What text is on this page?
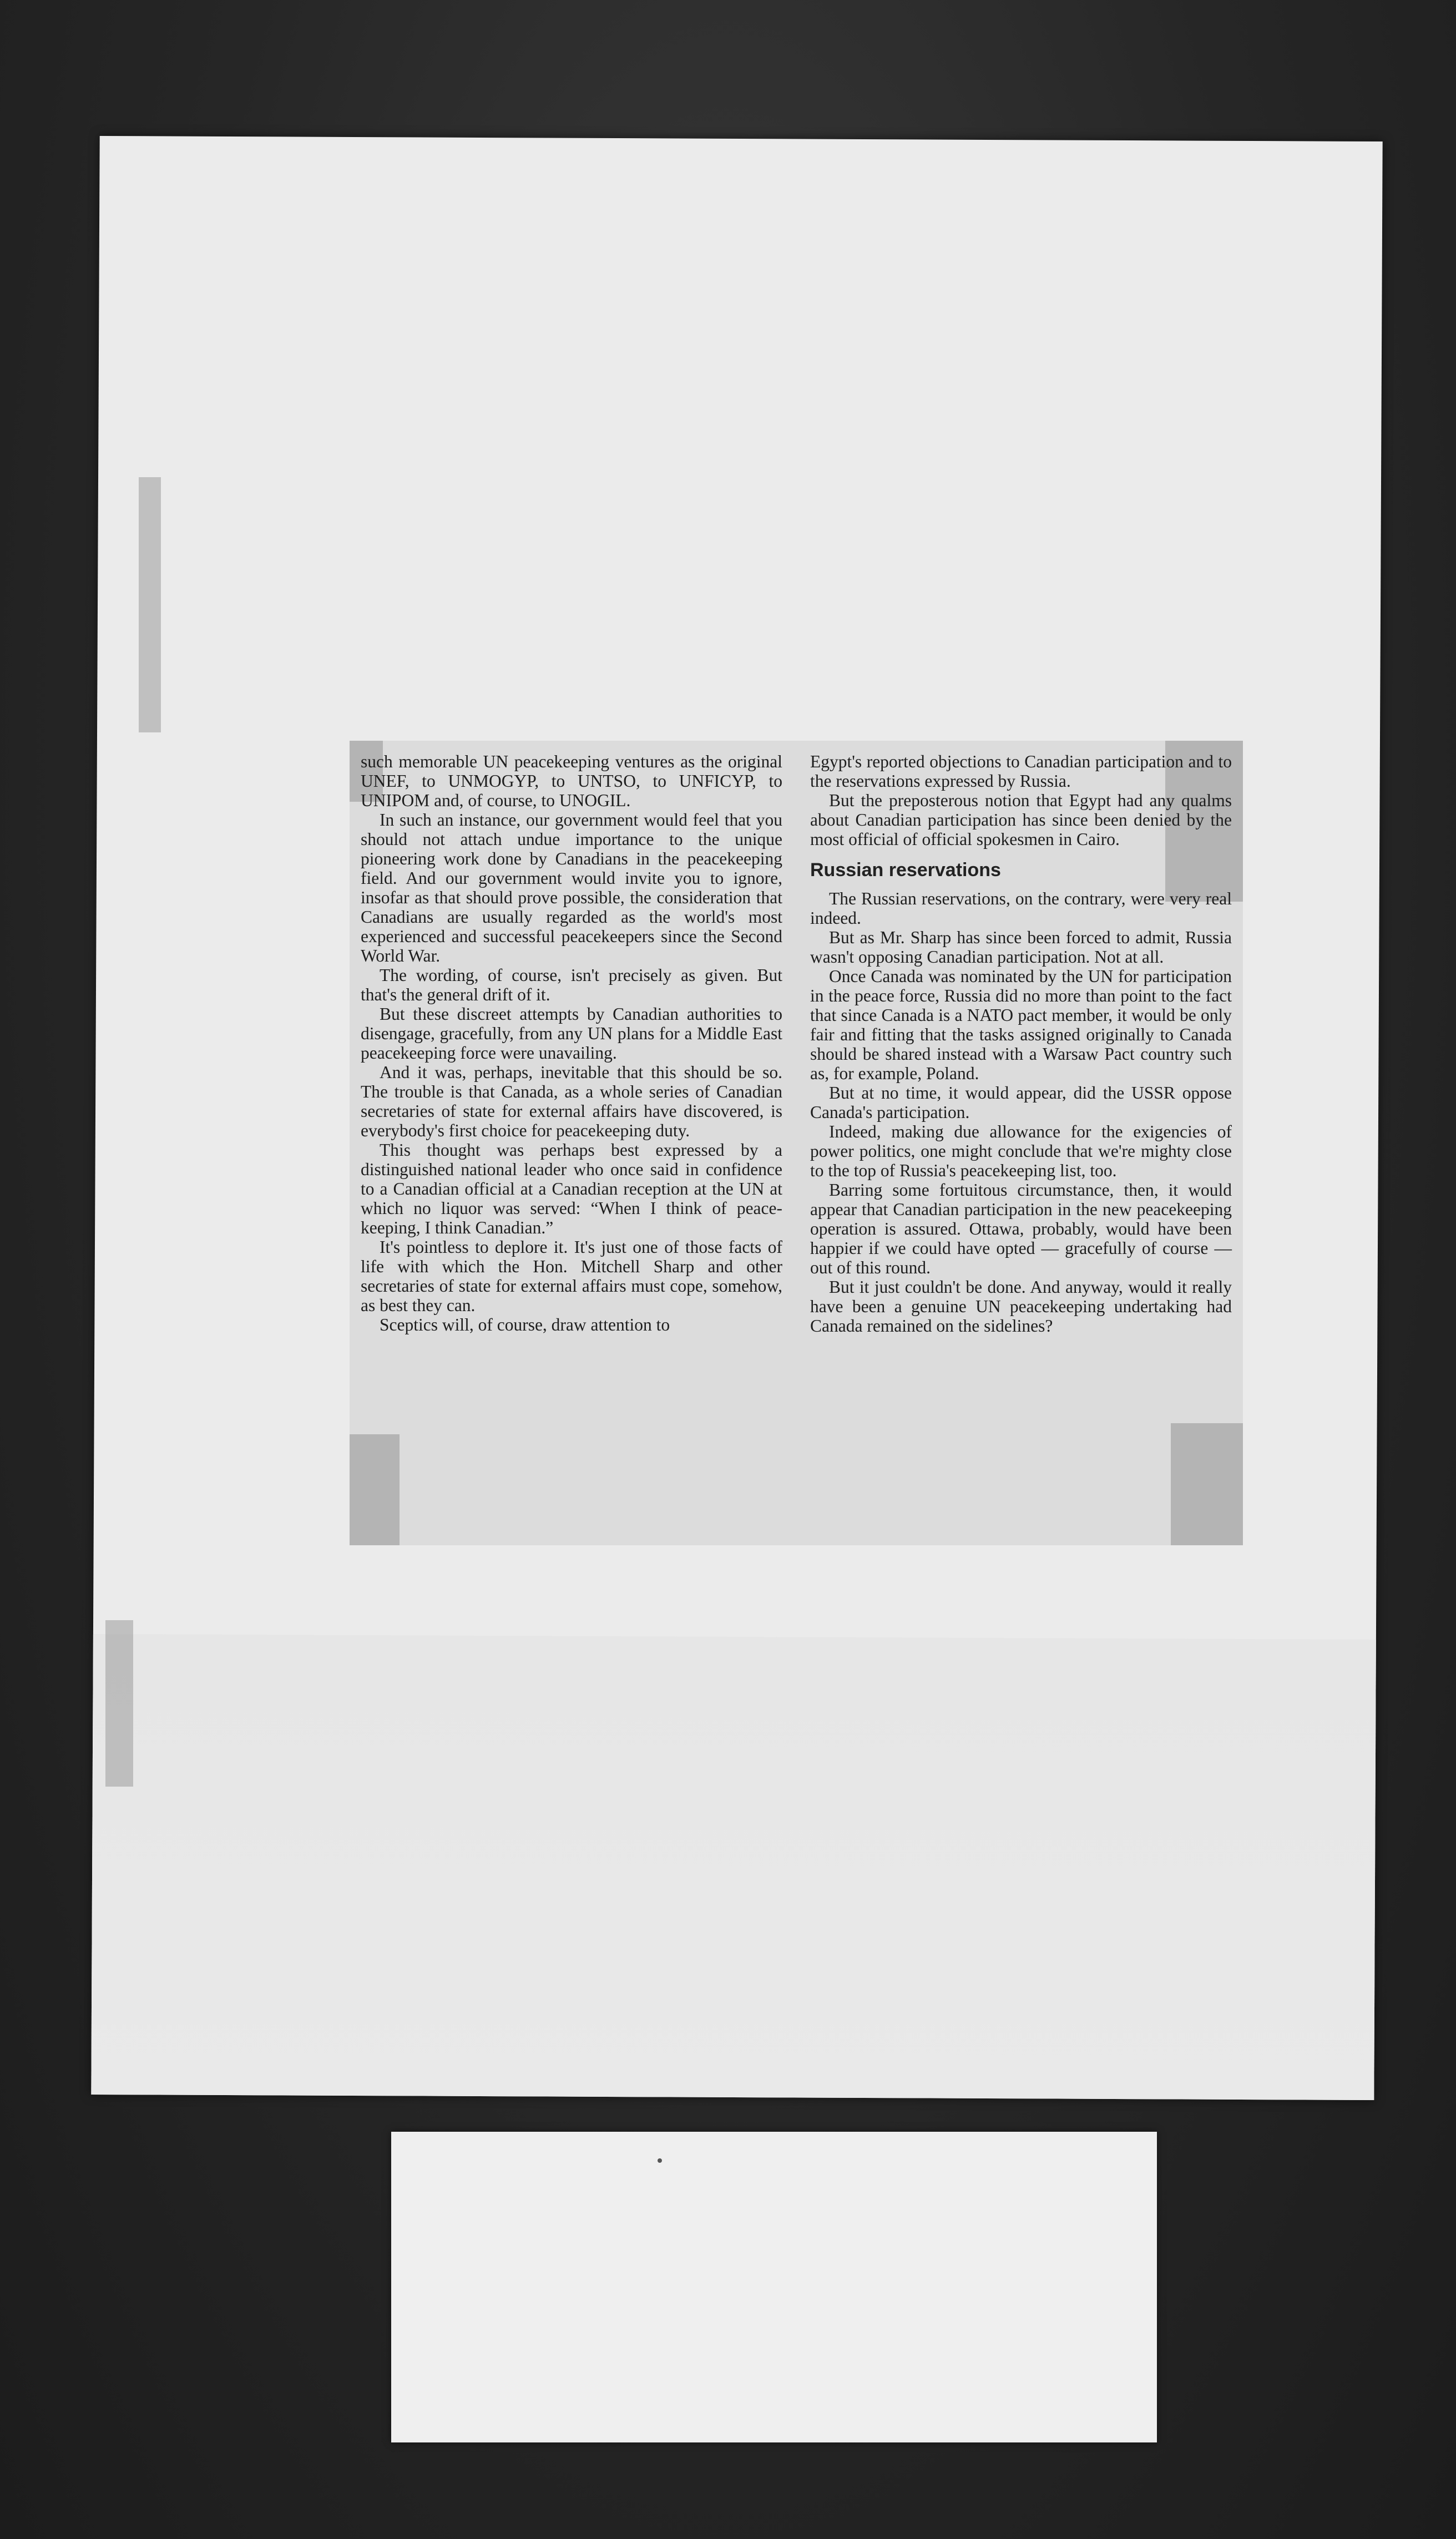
such memorable UN peacekeeping ventures as the original UNEF, to UNMOGYP, to UNTSO, to UNFICYP, to UNIPOM and, of course, to UNOGIL.

In such an instance, our government would feel that you should not attach undue importance to the unique pioneering work done by Canadians in the peacekeeping field. And our government would invite you to ignore, insofar as that should prove possible, the consideration that Canadians are usually regarded as the world's most experienced and successful peacekeepers since the Second World War.

The wording, of course, isn't precisely as given. But that's the general drift of it.

But these discreet attempts by Canadian authorities to disengage, gracefully, from any UN plans for a Middle East peacekeeping force were unavailing.

And it was, perhaps, inevitable that this should be so. The trouble is that Canada, as a whole series of Canadian secretaries of state for external affairs have discovered, is everybody's first choice for peacekeeping duty.

This thought was perhaps best expressed by a distinguished national leader who once said in confidence to a Canadian official at a Canadian reception at the UN at which no liquor was served: “When I think of peace-keeping, I think Canadian.”

It's pointless to deplore it. It's just one of those facts of life with which the Hon. Mitchell Sharp and other secretaries of state for external affairs must cope, somehow, as best they can.

Sceptics will, of course, draw attention to

Egypt's reported objections to Canadian participation and to the reservations expressed by Russia.

But the preposterous notion that Egypt had any qualms about Canadian participation has since been denied by the most official of official spokesmen in Cairo.

Russian reservations

The Russian reservations, on the contrary, were very real indeed.

But as Mr. Sharp has since been forced to admit, Russia wasn't opposing Canadian participation. Not at all.

Once Canada was nominated by the UN for participation in the peace force, Russia did no more than point to the fact that since Canada is a NATO pact member, it would be only fair and fitting that the tasks assigned originally to Canada should be shared instead with a Warsaw Pact country such as, for example, Poland.

But at no time, it would appear, did the USSR oppose Canada's participation.

Indeed, making due allowance for the exigencies of power politics, one might conclude that we're mighty close to the top of Russia's peacekeeping list, too.

Barring some fortuitous circumstance, then, it would appear that Canadian participation in the new peacekeeping operation is assured. Ottawa, probably, would have been happier if we could have opted — gracefully of course — out of this round.

But it just couldn't be done. And anyway, would it really have been a genuine UN peacekeeping undertaking had Canada remained on the sidelines?
